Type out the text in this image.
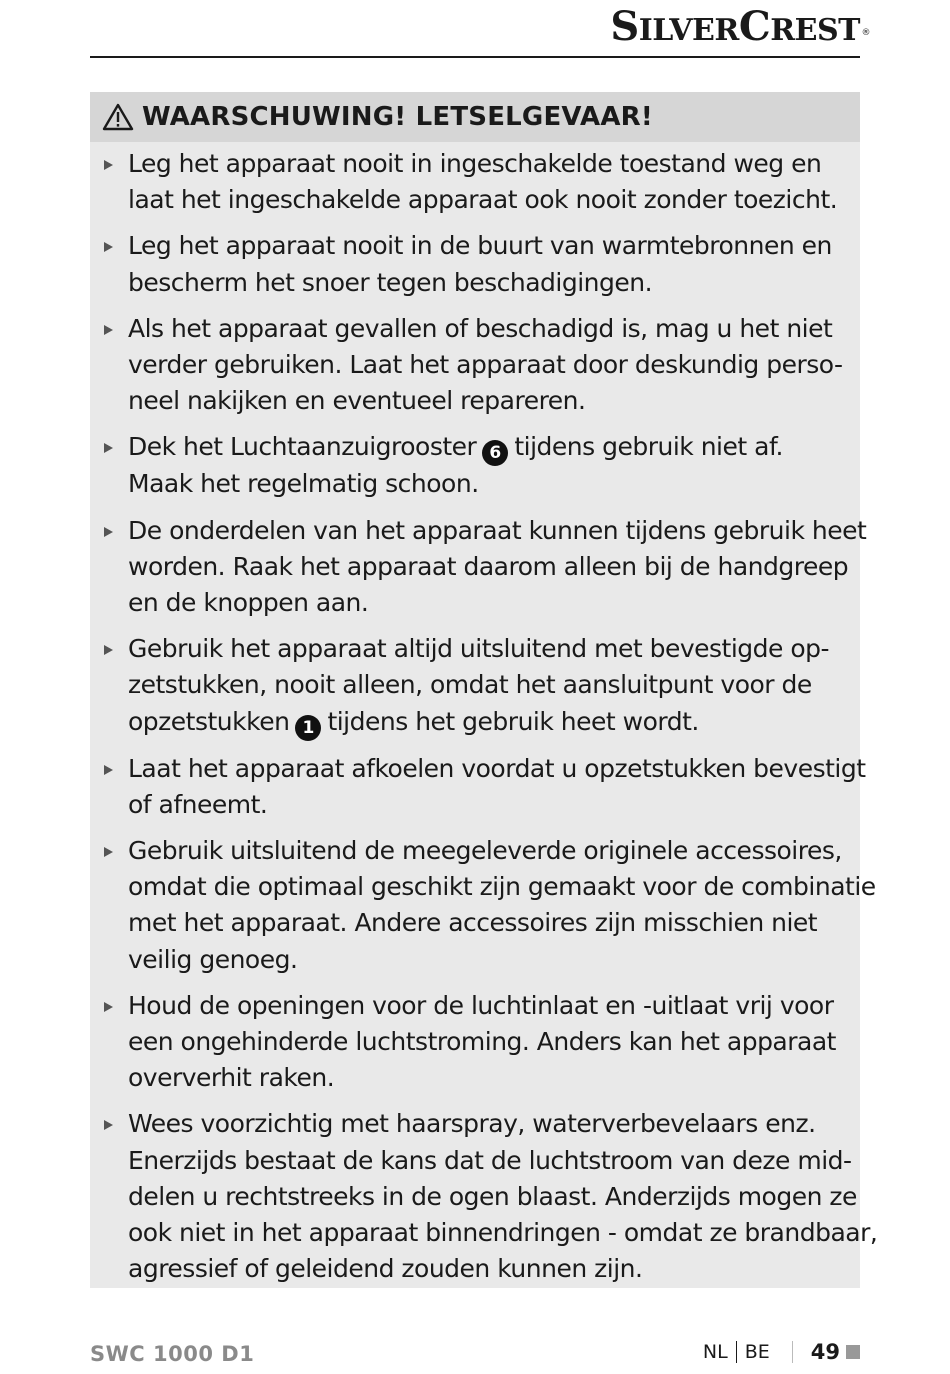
SILVERCREST ®
WAARSCHUWING! LETSELGEVAAR!
Leg het apparaat nooit in ingeschakelde toestand weg en
laat het ingeschakelde apparaat ook nooit zonder toezicht.
Leg het apparaat nooit in de buurt van warmtebronnen en
bescherm het snoer tegen beschadigingen.
Als het apparaat gevallen of beschadigd is, mag u het niet
verder gebruiken. Laat het apparaat door deskundig perso-
neel nakijken en eventueel repareren.
Dek het Luchtaanzuigrooster 6 tijdens gebruik niet af.
Maak het regelmatig schoon.
De onderdelen van het apparaat kunnen tijdens gebruik heet
worden. Raak het apparaat daarom alleen bij de handgreep
en de knoppen aan.
Gebruik het apparaat altijd uitsluitend met bevestigde op-
zetstukken, nooit alleen, omdat het aansluitpunt voor de
opzetstukken 1 tijdens het gebruik heet wordt.
Laat het apparaat afkoelen voordat u opzetstukken bevestigt
of afneemt.
Gebruik uitsluitend de meegeleverde originele accessoires,
omdat die optimaal geschikt zijn gemaakt voor de combinatie
met het apparaat. Andere accessoires zijn misschien niet
veilig genoeg.
Houd de openingen voor de luchtinlaat en -uitlaat vrij voor
een ongehinderde luchtstroming. Anders kan het apparaat
oververhit raken.
Wees voorzichtig met haarspray, waterverbevelaars enz.
Enerzijds bestaat de kans dat de luchtstroom van deze mid-
delen u rechtstreeks in de ogen blaast. Anderzijds mogen ze
ook niet in het apparaat binnendringen - omdat ze brandbaar,
agressief of geleidend zouden kunnen zijn.
SWC 1000 D1	NL BE 49
